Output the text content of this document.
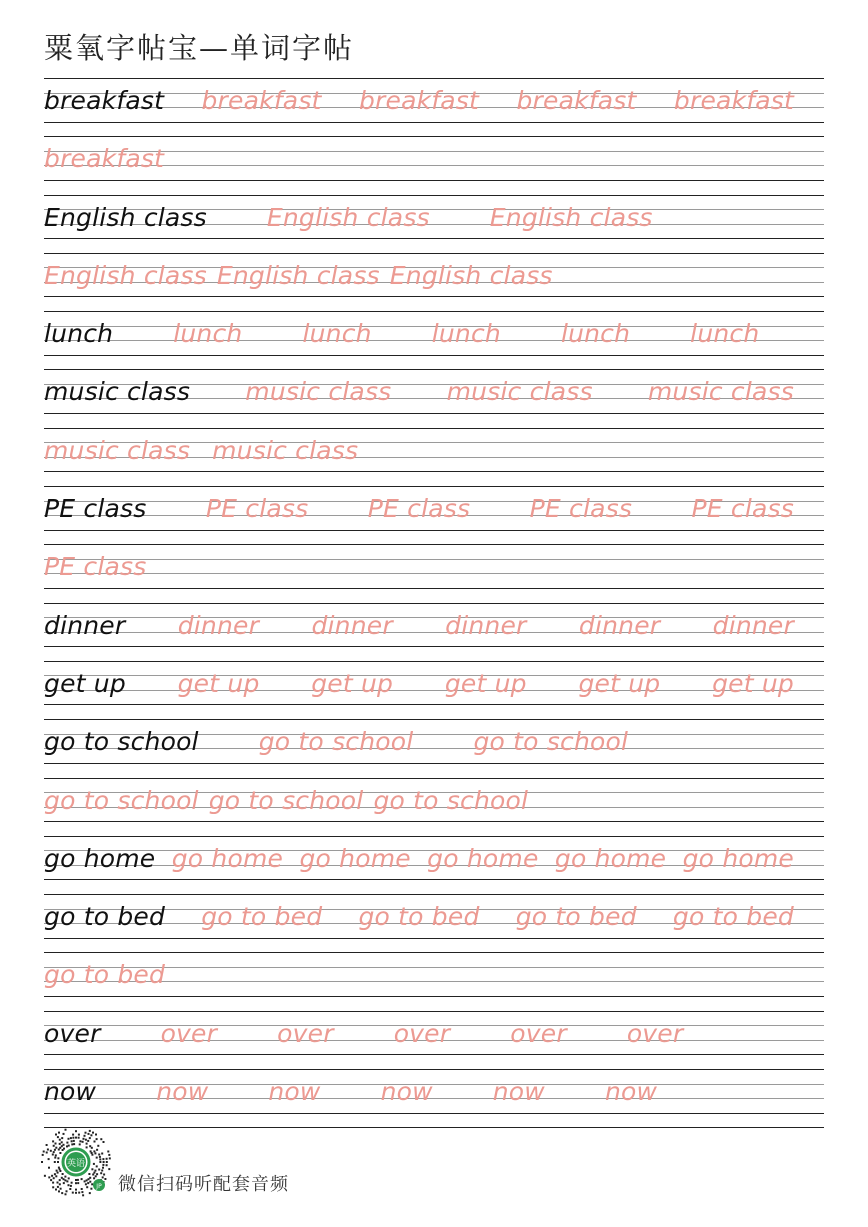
粟氧字帖宝—单词字帖
breakfast breakfast breakfast breakfast breakfast
breakfast
English class English class English class
English class English class English class
lunch lunch lunch lunch lunch lunch
music class music class music class music class
music class music class
PE class PE class PE class PE class PE class
PE class
dinner dinner dinner dinner dinner dinner
get up get up get up get up get up get up
go to school go to school go to school
go to school go to school go to school
go home go home go home go home go home go home
go to bed go to bed go to bed go to bed go to bed
go to bed
over over over over over over
now now now now now now
英语
JP 微信扫码听配套音频
